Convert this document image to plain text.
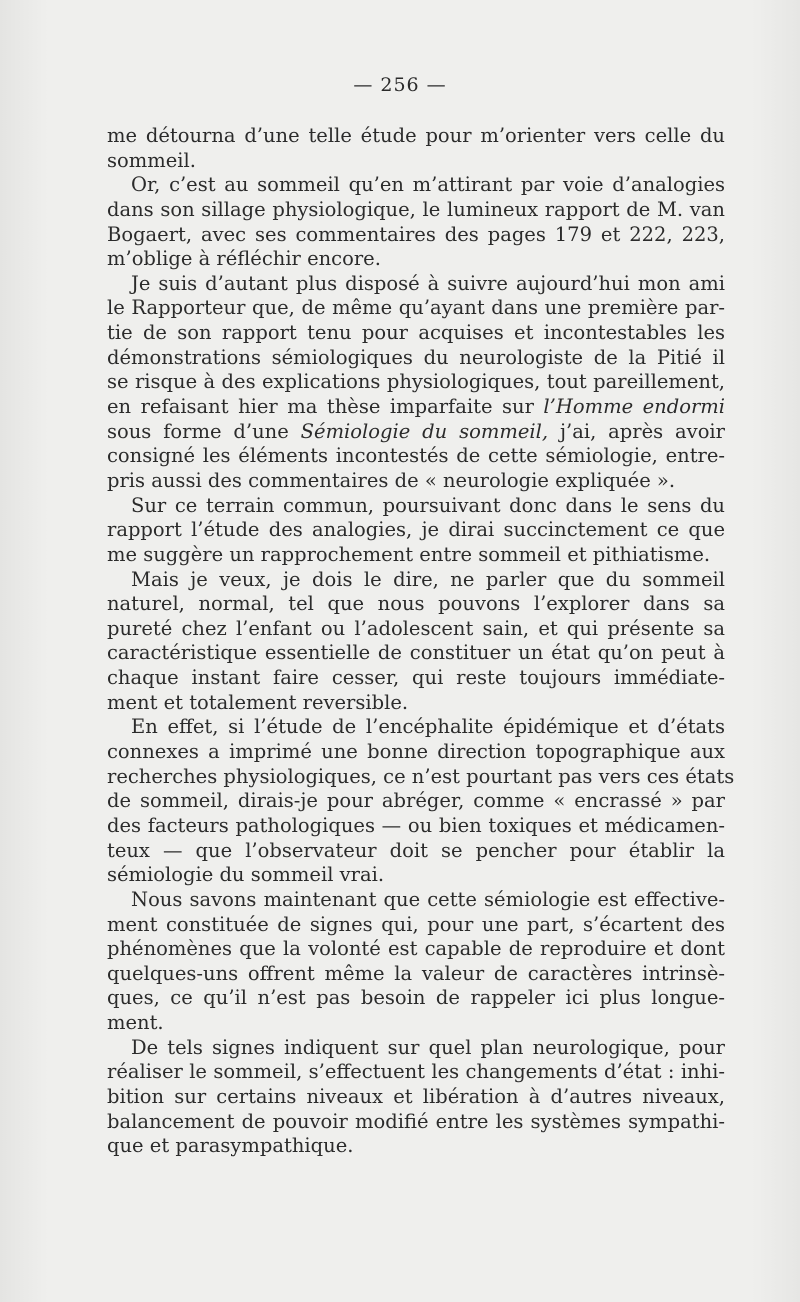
— 256 —
me détourna d’une telle étude pour m’orienter vers celle du
sommeil.
Or, c’est au sommeil qu’en m’attirant par voie d’analogies
dans son sillage physiologique, le lumineux rapport de M. van
Bogaert, avec ses commentaires des pages 179 et 222, 223,
m’oblige à réfléchir encore.
Je suis d’autant plus disposé à suivre aujourd’hui mon ami
le Rapporteur que, de même qu’ayant dans une première par-
tie de son rapport tenu pour acquises et incontestables les
démonstrations sémiologiques du neurologiste de la Pitié il
se risque à des explications physiologiques, tout pareillement,
en refaisant hier ma thèse imparfaite sur l’Homme endormi
sous forme d’une Sémiologie du sommeil, j’ai, après avoir
consigné les éléments incontestés de cette sémiologie, entre-
pris aussi des commentaires de « neurologie expliquée ».
Sur ce terrain commun, poursuivant donc dans le sens du
rapport l’étude des analogies, je dirai succinctement ce que
me suggère un rapprochement entre sommeil et pithiatisme.
Mais je veux, je dois le dire, ne parler que du sommeil
naturel, normal, tel que nous pouvons l’explorer dans sa
pureté chez l’enfant ou l’adolescent sain, et qui présente sa
caractéristique essentielle de constituer un état qu’on peut à
chaque instant faire cesser, qui reste toujours immédiate-
ment et totalement reversible.
En effet, si l’étude de l’encéphalite épidémique et d’états
connexes a imprimé une bonne direction topographique aux
recherches physiologiques, ce n’est pourtant pas vers ces états
de sommeil, dirais-je pour abréger, comme « encrassé » par
des facteurs pathologiques — ou bien toxiques et médicamen-
teux — que l’observateur doit se pencher pour établir la
sémiologie du sommeil vrai.
Nous savons maintenant que cette sémiologie est effective-
ment constituée de signes qui, pour une part, s’écartent des
phénomènes que la volonté est capable de reproduire et dont
quelques-uns offrent même la valeur de caractères intrinsè-
ques, ce qu’il n’est pas besoin de rappeler ici plus longue-
ment.
De tels signes indiquent sur quel plan neurologique, pour
réaliser le sommeil, s’effectuent les changements d’état : inhi-
bition sur certains niveaux et libération à d’autres niveaux,
balancement de pouvoir modifié entre les systèmes sympathi-
que et parasympathique.
